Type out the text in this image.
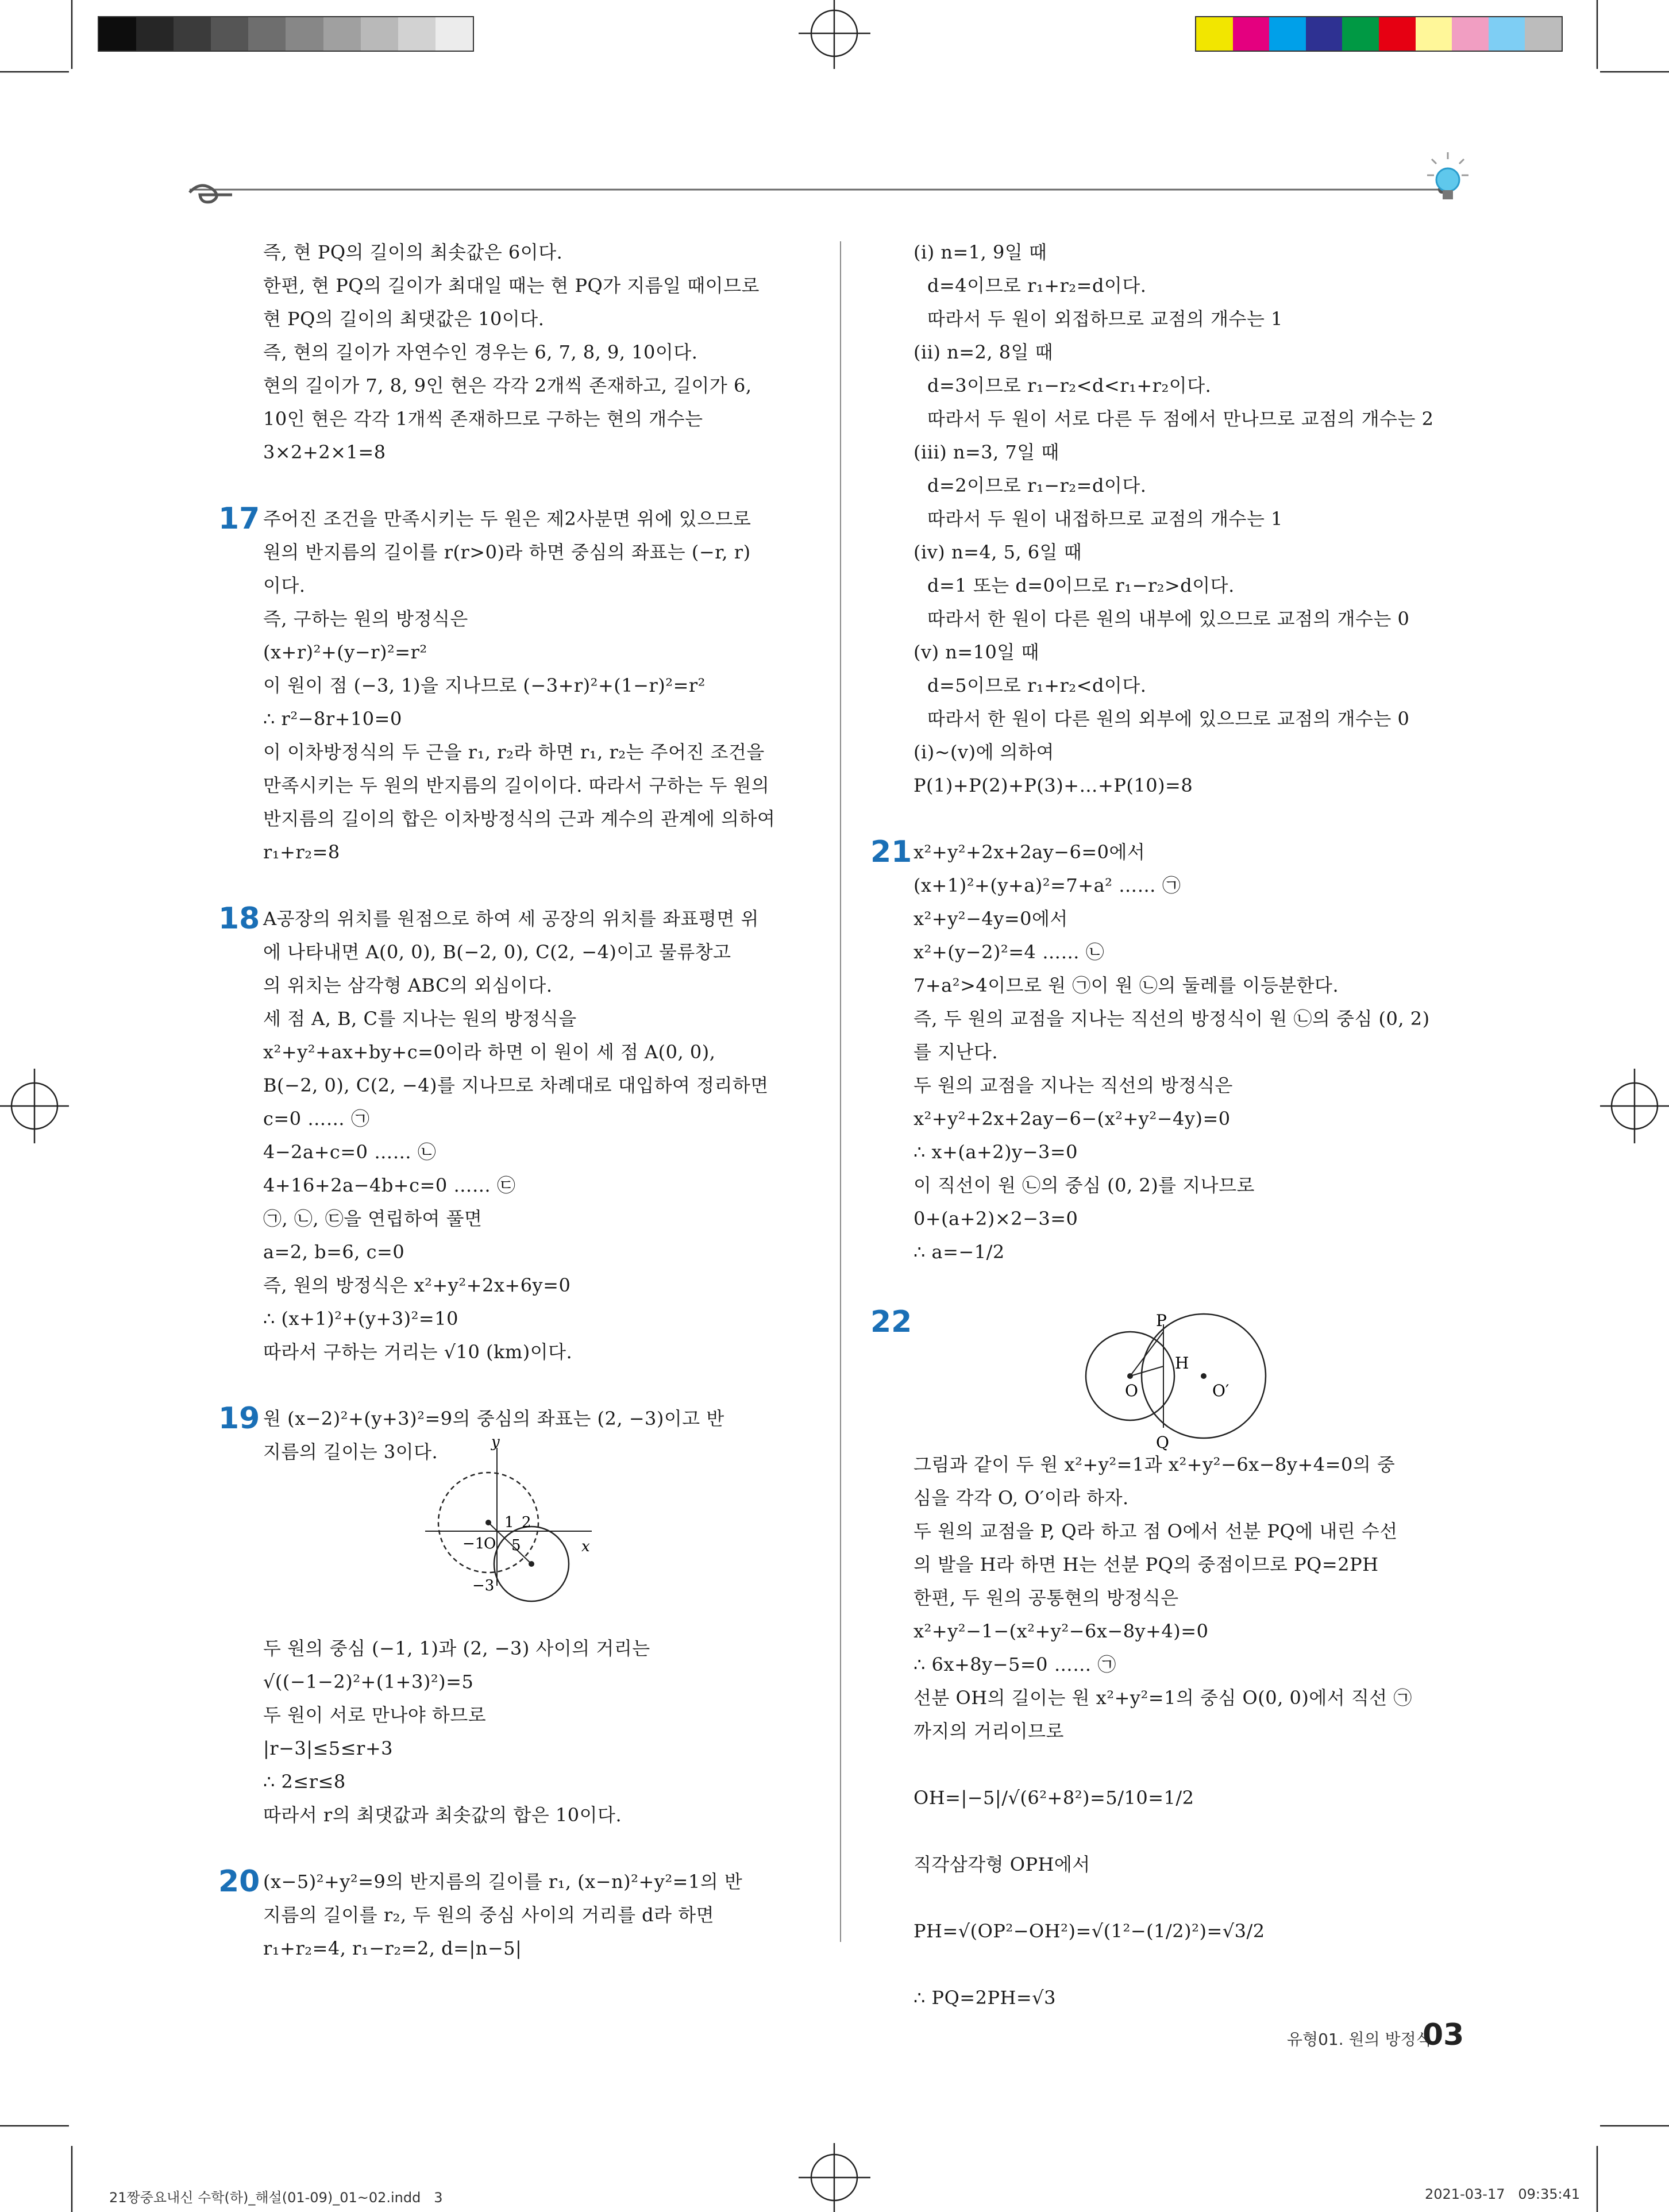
즉, 현 PQ의 길이의 최솟값은 6이다.
한편, 현 PQ의 길이가 최대일 때는 현 PQ가 지름일 때이므로
현 PQ의 길이의 최댓값은 10이다.
즉, 현의 길이가 자연수인 경우는 6, 7, 8, 9, 10이다.
현의 길이가 7, 8, 9인 현은 각각 2개씩 존재하고, 길이가 6,
10인 현은 각각 1개씩 존재하므로 구하는 현의 개수는
3×2+2×1=8
주어진 조건을 만족시키는 두 원은 제2사분면 위에 있으므로
17
원의 반지름의 길이를 r(r>0)라 하면 중심의 좌표는 (−r, r)
이다.
즉, 구하는 원의 방정식은
(x+r)²+(y−r)²=r²
이 원이 점 (−3, 1)을 지나므로 (−3+r)²+(1−r)²=r²
∴ r²−8r+10=0
이 이차방정식의 두 근을 r₁, r₂라 하면 r₁, r₂는 주어진 조건을
만족시키는 두 원의 반지름의 길이이다. 따라서 구하는 두 원의
반지름의 길이의 합은 이차방정식의 근과 계수의 관계에 의하여
r₁+r₂=8
A공장의 위치를 원점으로 하여 세 공장의 위치를 좌표평면 위
18
에 나타내면 A(0, 0), B(−2, 0), C(2, −4)이고 물류창고
의 위치는 삼각형 ABC의 외심이다.
세 점 A, B, C를 지나는 원의 방정식을
x²+y²+ax+by+c=0이라 하면 이 원이 세 점 A(0, 0),
B(−2, 0), C(2, −4)를 지나므로 차례대로 대입하여 정리하면
c=0 …… ㉠
4−2a+c=0 …… ㉡
4+16+2a−4b+c=0 …… ㉢
㉠, ㉡, ㉢을 연립하여 풀면
a=2, b=6, c=0
즉, 원의 방정식은 x²+y²+2x+6y=0
∴ (x+1)²+(y+3)²=10
따라서 구하는 거리는 √10 (km)이다.
원 (x−2)²+(y+3)²=9의 중심의 좌표는 (2, −3)이고 반
19
지름의 길이는 3이다.
두 원의 중심 (−1, 1)과 (2, −3) 사이의 거리는
√((−1−2)²+(1+3)²)=5
두 원이 서로 만나야 하므로
|r−3|≤5≤r+3
∴ 2≤r≤8
따라서 r의 최댓값과 최솟값의 합은 10이다.
(x−5)²+y²=9의 반지름의 길이를 r₁, (x−n)²+y²=1의 반
20
지름의 길이를 r₂, 두 원의 중심 사이의 거리를 d라 하면
r₁+r₂=4, r₁−r₂=2, d=|n−5|
(i) n=1, 9일 때
d=4이므로 r₁+r₂=d이다.
따라서 두 원이 외접하므로 교점의 개수는 1
(ii) n=2, 8일 때
d=3이므로 r₁−r₂<d<r₁+r₂이다.
따라서 두 원이 서로 다른 두 점에서 만나므로 교점의 개수는 2
(iii) n=3, 7일 때
d=2이므로 r₁−r₂=d이다.
따라서 두 원이 내접하므로 교점의 개수는 1
(iv) n=4, 5, 6일 때
d=1 또는 d=0이므로 r₁−r₂>d이다.
따라서 한 원이 다른 원의 내부에 있으므로 교점의 개수는 0
(v) n=10일 때
d=5이므로 r₁+r₂<d이다.
따라서 한 원이 다른 원의 외부에 있으므로 교점의 개수는 0
(i)~(v)에 의하여
P(1)+P(2)+P(3)+…+P(10)=8
x²+y²+2x+2ay−6=0에서
21
(x+1)²+(y+a)²=7+a² …… ㉠
x²+y²−4y=0에서
x²+(y−2)²=4 …… ㉡
7+a²>4이므로 원 ㉠이 원 ㉡의 둘레를 이등분한다.
즉, 두 원의 교점을 지나는 직선의 방정식이 원 ㉡의 중심 (0, 2)
를 지난다.
두 원의 교점을 지나는 직선의 방정식은
x²+y²+2x+2ay−6−(x²+y²−4y)=0
∴ x+(a+2)y−3=0
이 직선이 원 ㉡의 중심 (0, 2)를 지나므로
0+(a+2)×2−3=0
∴ a=−1/2
그림과 같이 두 원 x²+y²=1과 x²+y²−6x−8y+4=0의 중
심을 각각 O, O′이라 하자.
두 원의 교점을 P, Q라 하고 점 O에서 선분 PQ에 내린 수선
의 발을 H라 하면 H는 선분 PQ의 중점이므로 PQ=2PH
한편, 두 원의 공통현의 방정식은
x²+y²−1−(x²+y²−6x−8y+4)=0
∴ 6x+8y−5=0 …… ㉠
선분 OH의 길이는 원 x²+y²=1의 중심 O(0, 0)에서 직선 ㉠
까지의 거리이므로
OH=|−5|/√(6²+8²)=5/10=1/2
직각삼각형 OPH에서
PH=√(OP²−OH²)=√(1²−(1/2)²)=√3/2
∴ PQ=2PH=√3
22
y
x
O
1 2
−1
−3
5
P
H
O	O′
Q
유형01. 원의 방정식
03
21짱중요내신 수학(하)_해설(01-09)_01~02.indd   3	2021-03-17   09:35:41
